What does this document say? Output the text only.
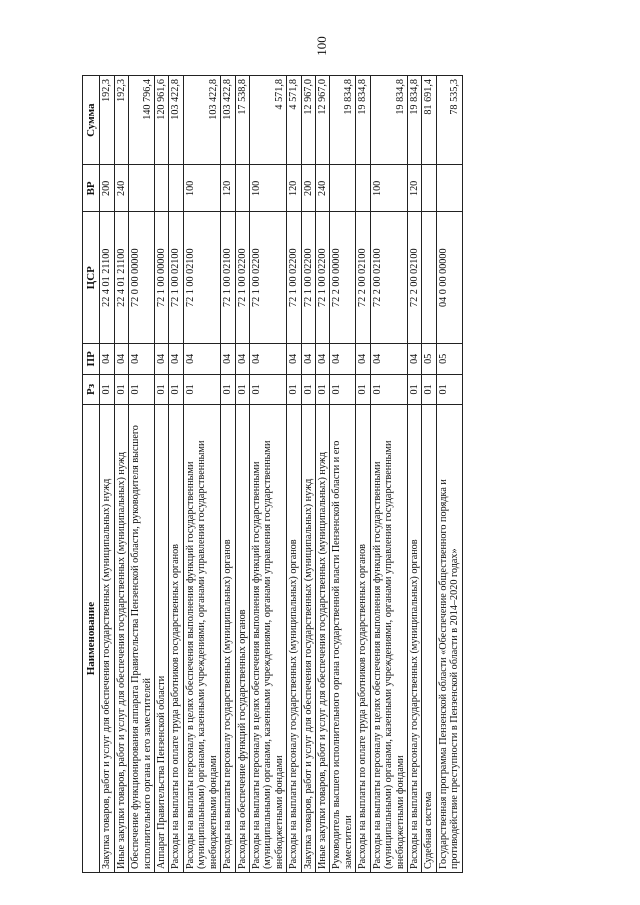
100
Наименование	Рз	ПР	ЦСР	ВР	Сумма
Закупка товаров, работ и услуг для обеспечения государственных (муниципальных) нужд	01	04	22 4 01 21100	200	192,3
Иные закупки товаров, работ и услуг для обеспечения государственных (муниципальных) нужд	01	04	22 4 01 21100	240	192,3
Обеспечение функционирования аппарата Правительства Пензенской области, руководителя высшего исполнительного органа и его заместителей	01	04	72 0 00 00000		140 796,4
Аппарат Правительства Пензенской области	01	04	72 1 00 00000		120 961,6
Расходы на выплаты по оплате труда работников государственных органов	01	04	72 1 00 02100		103 422,8
Расходы на выплаты персоналу в целях обеспечения выполнения функций государственными (муниципальными) органами, казенными учреждениями, органами управления государственными внебюджетными фондами	01	04	72 1 00 02100	100	103 422,8
Расходы на выплаты персоналу государственных (муниципальных) органов	01	04	72 1 00 02100	120	103 422,8
Расходы на обеспечение функций государственных органов	01	04	72 1 00 02200		17 538,8
Расходы на выплаты персоналу в целях обеспечения выполнения функций государственными (муниципальными) органами, казенными учреждениями, органами управления государственными внебюджетными фондами	01	04	72 1 00 02200	100	4 571,8
Расходы на выплаты персоналу государственных (муниципальных) органов	01	04	72 1 00 02200	120	4 571,8
Закупка товаров, работ и услуг для обеспечения государственных (муниципальных) нужд	01	04	72 1 00 02200	200	12 967,0
Иные закупки товаров, работ и услуг для обеспечения государственных (муниципальных) нужд	01	04	72 1 00 02200	240	12 967,0
Руководитель высшего исполнительного органа государственной власти Пензенской области и его заместители	01	04	72 2 00 00000		19 834,8
Расходы на выплаты по оплате труда работников государственных органов	01	04	72 2 00 02100		19 834,8
Расходы на выплаты персоналу в целях обеспечения выполнения функций государственными (муниципальными) органами, казенными учреждениями, органами управления государственными внебюджетными фондами	01	04	72 2 00 02100	100	19 834,8
Расходы на выплаты персоналу государственных (муниципальных) органов	01	04	72 2 00 02100	120	19 834,8
Судебная система	01	05			81 691,4
Государственная программа Пензенской области «Обеспечение общественного порядка и противодействие преступности в Пензенской области в 2014–2020 годах»	01	05	04 0 00 00000		78 535,3
